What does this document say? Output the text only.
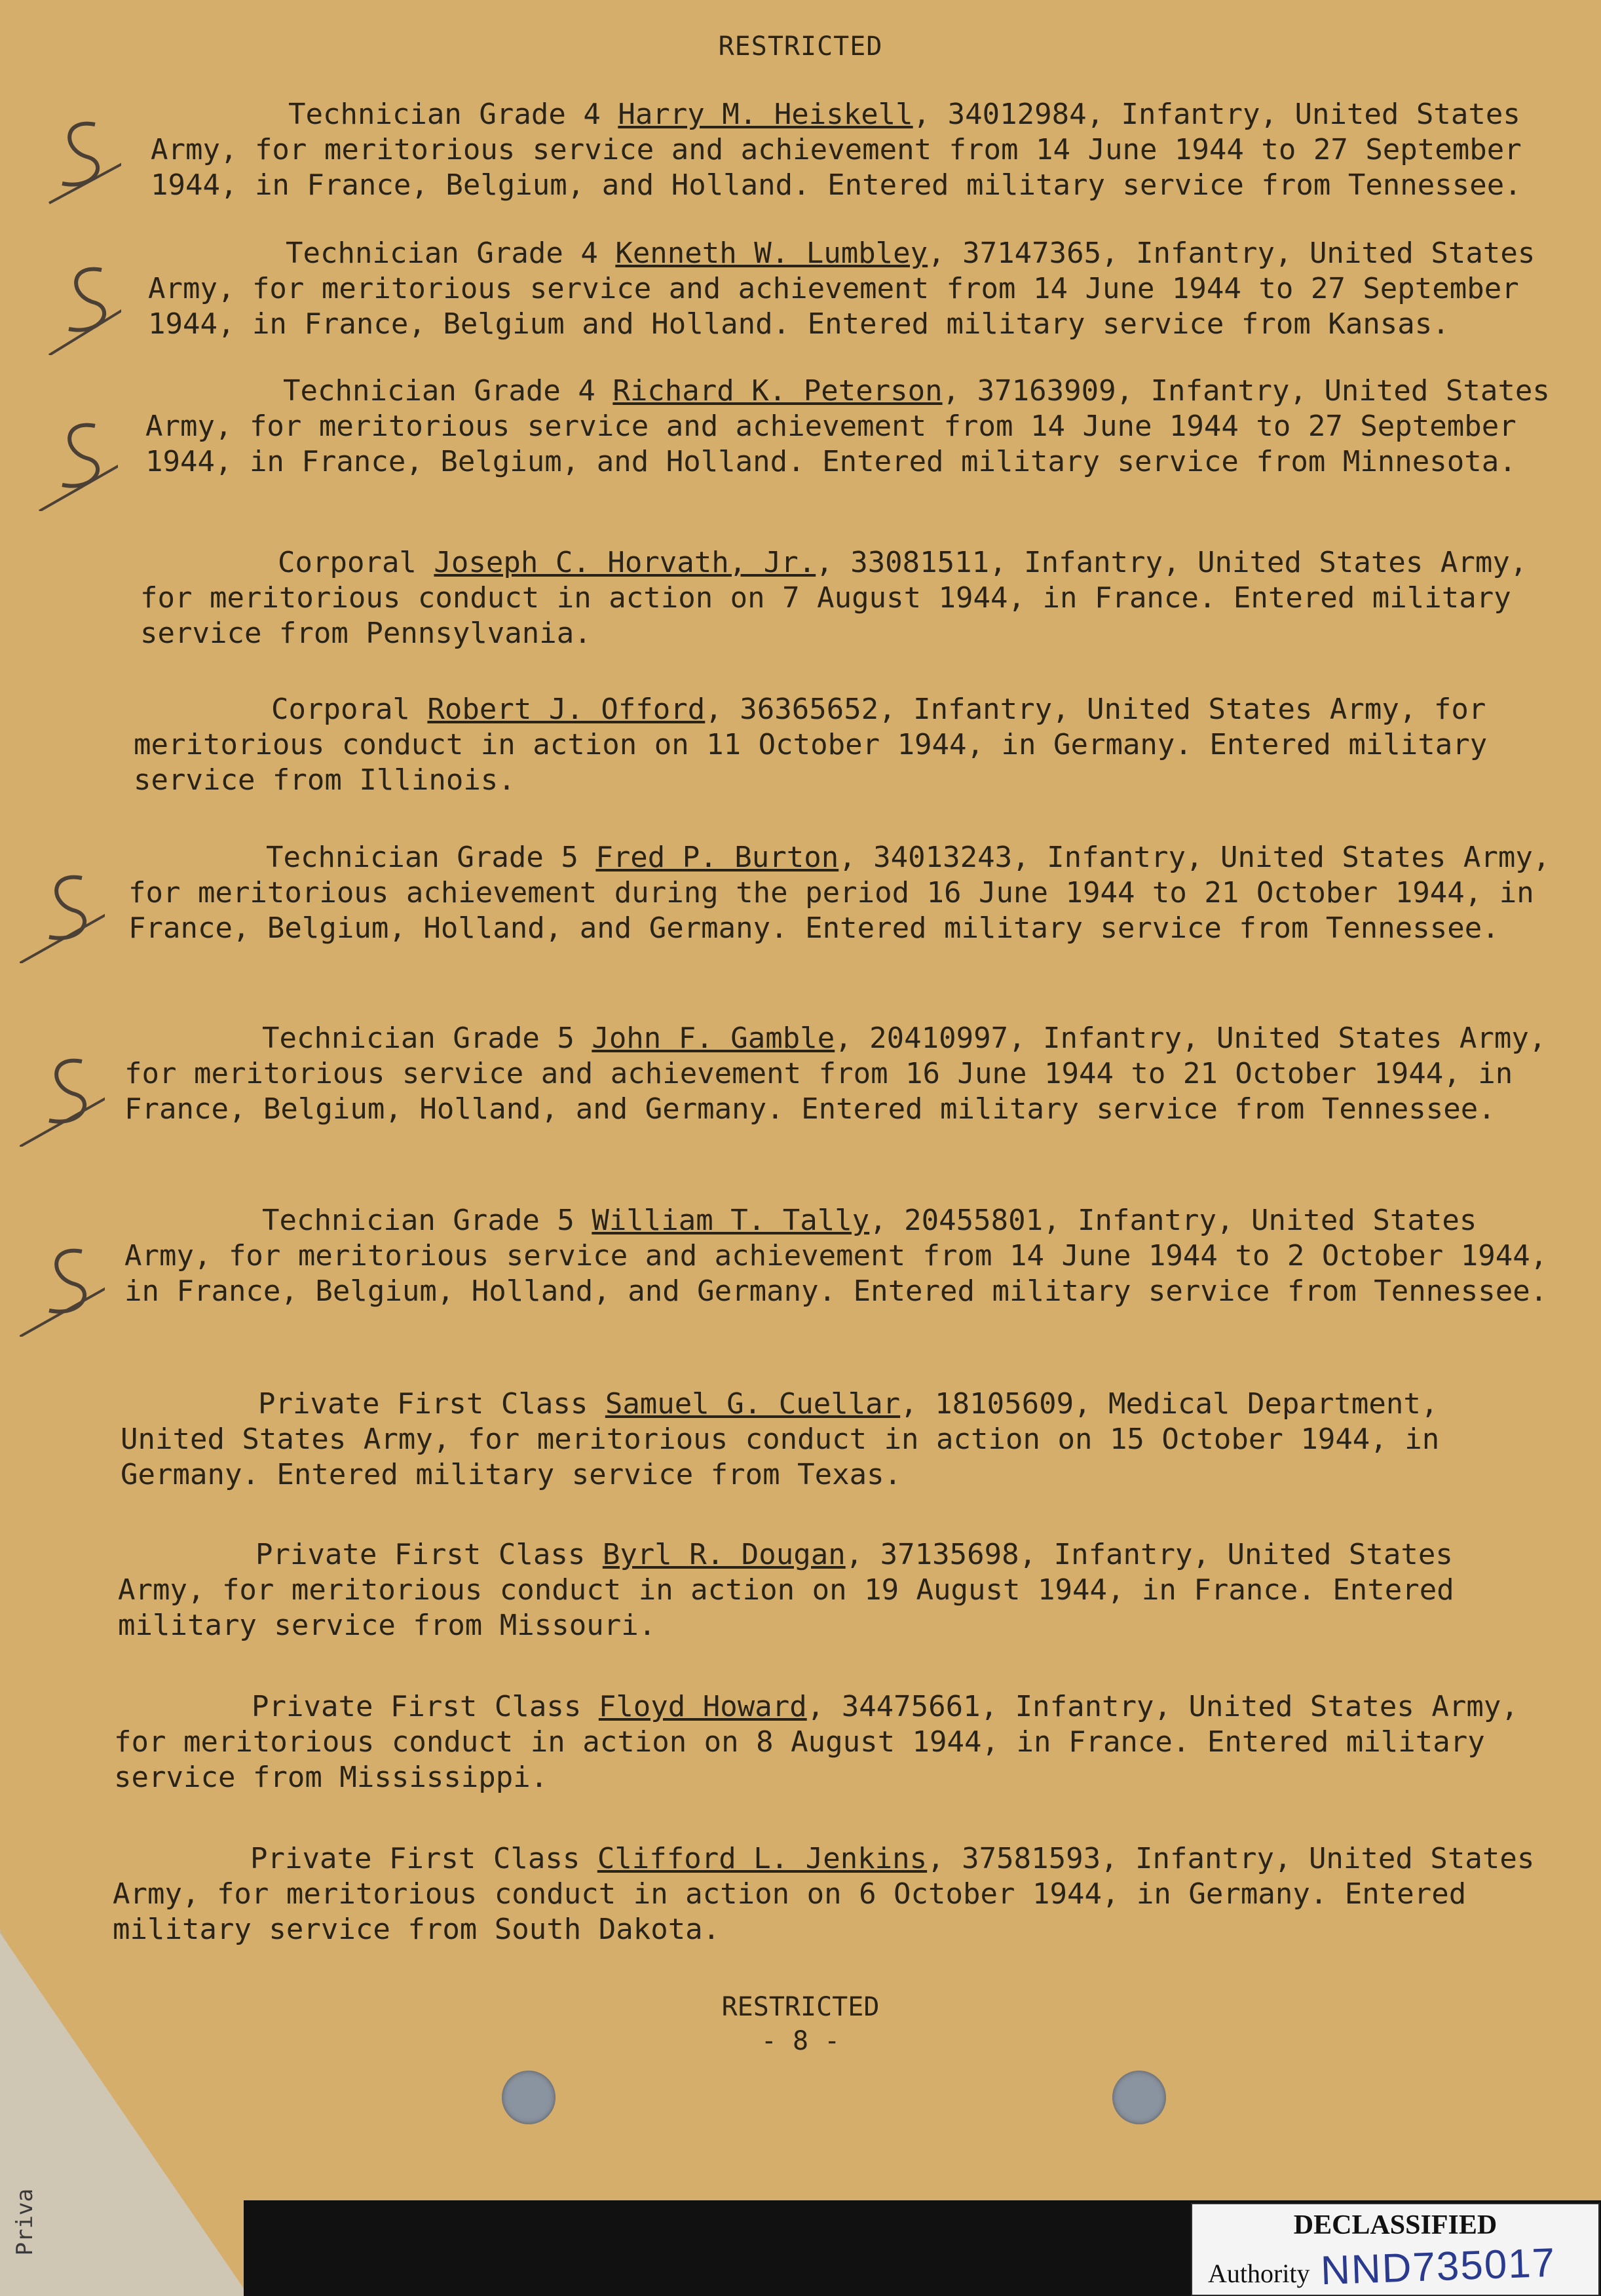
Priva
RESTRICTED

Technician Grade 4 Harry M. Heiskell, 34012984, Infantry, United States Army, for meritorious service and achievement from 14 June 1944 to 27 September 1944, in France, Belgium, and Holland. Entered military service from Tennessee.

Technician Grade 4 Kenneth W. Lumbley, 37147365, Infantry, United States Army, for meritorious service and achievement from 14 June 1944 to 27 September 1944, in France, Belgium and Holland. Entered military service from Kansas.

Technician Grade 4 Richard K. Peterson, 37163909, Infantry, United States Army, for meritorious service and achievement from 14 June 1944 to 27 September 1944, in France, Belgium, and Holland. Entered military service from Minnesota.

Corporal Joseph C. Horvath, Jr., 33081511, Infantry, United States Army, for meritorious conduct in action on 7 August 1944, in France. Entered military service from Pennsylvania.

Corporal Robert J. Offord, 36365652, Infantry, United States Army, for meritorious conduct in action on 11 October 1944, in Germany. Entered military service from Illinois.

Technician Grade 5 Fred P. Burton, 34013243, Infantry, United States Army, for meritorious achievement during the period 16 June 1944 to 21 October 1944, in France, Belgium, Holland, and Germany. Entered military service from Tennessee.

Technician Grade 5 John F. Gamble, 20410997, Infantry, United States Army, for meritorious service and achievement from 16 June 1944 to 21 October 1944, in France, Belgium, Holland, and Germany. Entered military service from Tennessee.

Technician Grade 5 William T. Tally, 20455801, Infantry, United States Army, for meritorious service and achievement from 14 June 1944 to 2 October 1944, in France, Belgium, Holland, and Germany. Entered military service from Tennessee.

Private First Class Samuel G. Cuellar, 18105609, Medical Department, United States Army, for meritorious conduct in action on 15 October 1944, in Germany. Entered military service from Texas.

Private First Class Byrl R. Dougan, 37135698, Infantry, United States Army, for meritorious conduct in action on 19 August 1944, in France. Entered military service from Missouri.

Private First Class Floyd Howard, 34475661, Infantry, United States Army, for meritorious conduct in action on 8 August 1944, in France. Entered military service from Mississippi.

Private First Class Clifford L. Jenkins, 37581593, Infantry, United States Army, for meritorious conduct in action on 6 October 1944, in Germany. Entered military service from South Dakota.

5
5
5
5
5
5
RESTRICTED
- 8 -
DECLASSIFIED
Authority NND735017
